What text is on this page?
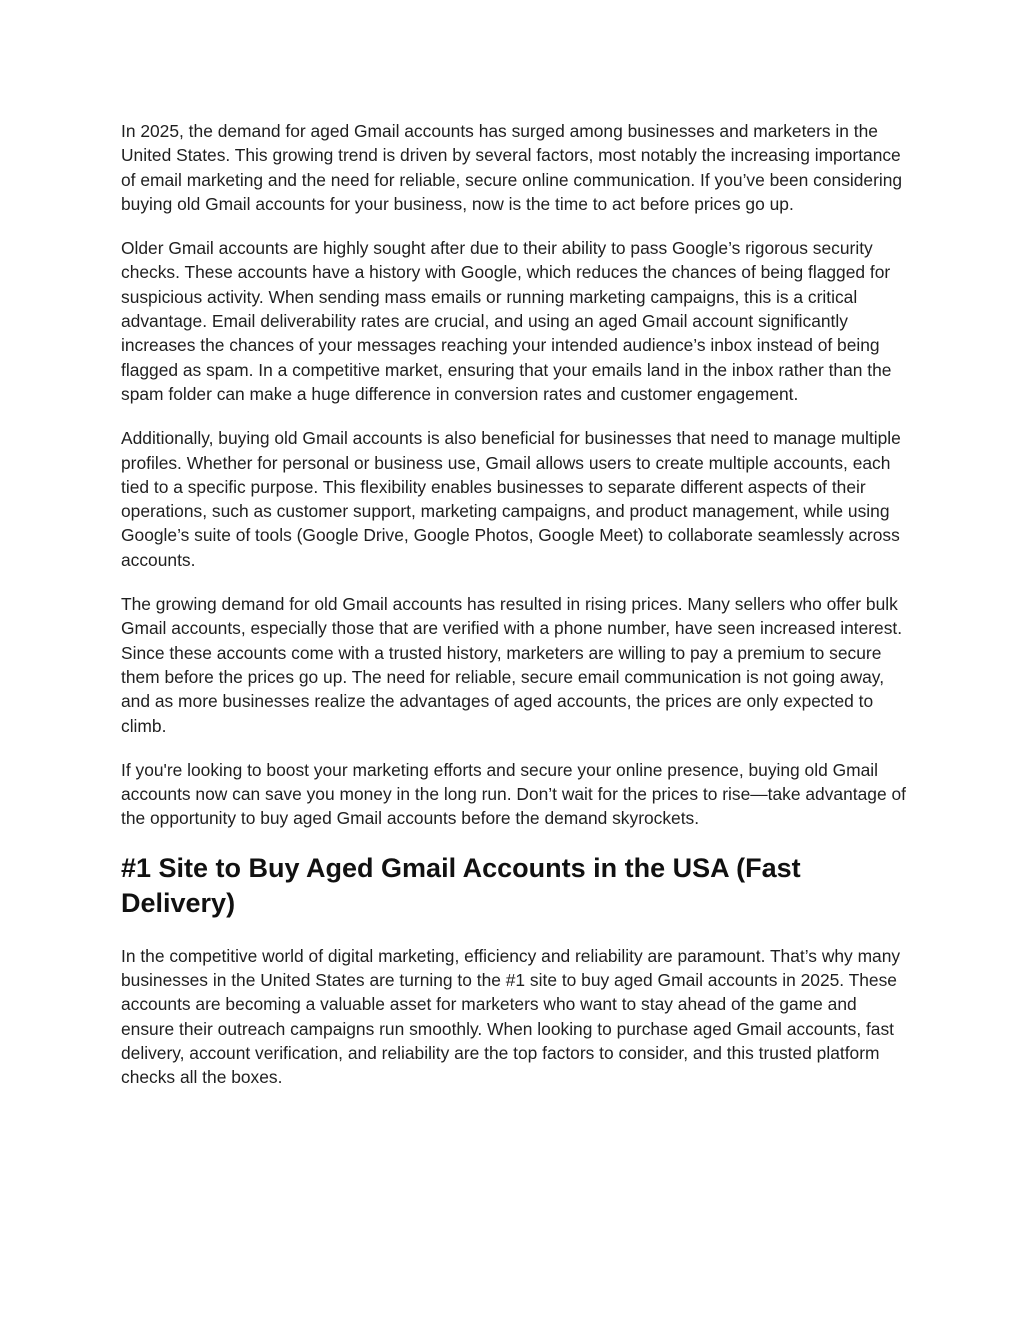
In 2025, the demand for aged Gmail accounts has surged among businesses and marketers in the United States. This growing trend is driven by several factors, most notably the increasing importance of email marketing and the need for reliable, secure online communication. If you’ve been considering buying old Gmail accounts for your business, now is the time to act before prices go up.

Older Gmail accounts are highly sought after due to their ability to pass Google’s rigorous security checks. These accounts have a history with Google, which reduces the chances of being flagged for suspicious activity. When sending mass emails or running marketing campaigns, this is a critical advantage. Email deliverability rates are crucial, and using an aged Gmail account significantly increases the chances of your messages reaching your intended audience’s inbox instead of being flagged as spam. In a competitive market, ensuring that your emails land in the inbox rather than the spam folder can make a huge difference in conversion rates and customer engagement.

Additionally, buying old Gmail accounts is also beneficial for businesses that need to manage multiple profiles. Whether for personal or business use, Gmail allows users to create multiple accounts, each tied to a specific purpose. This flexibility enables businesses to separate different aspects of their operations, such as customer support, marketing campaigns, and product management, while using Google’s suite of tools (Google Drive, Google Photos, Google Meet) to collaborate seamlessly across accounts.

The growing demand for old Gmail accounts has resulted in rising prices. Many sellers who offer bulk Gmail accounts, especially those that are verified with a phone number, have seen increased interest. Since these accounts come with a trusted history, marketers are willing to pay a premium to secure them before the prices go up. The need for reliable, secure email communication is not going away, and as more businesses realize the advantages of aged accounts, the prices are only expected to climb.

If you're looking to boost your marketing efforts and secure your online presence, buying old Gmail accounts now can save you money in the long run. Don’t wait for the prices to rise—take advantage of the opportunity to buy aged Gmail accounts before the demand skyrockets.

#1 Site to Buy Aged Gmail Accounts in the USA (Fast Delivery)

In the competitive world of digital marketing, efficiency and reliability are paramount. That’s why many businesses in the United States are turning to the #1 site to buy aged Gmail accounts in 2025. These accounts are becoming a valuable asset for marketers who want to stay ahead of the game and ensure their outreach campaigns run smoothly. When looking to purchase aged Gmail accounts, fast delivery, account verification, and reliability are the top factors to consider, and this trusted platform checks all the boxes.
